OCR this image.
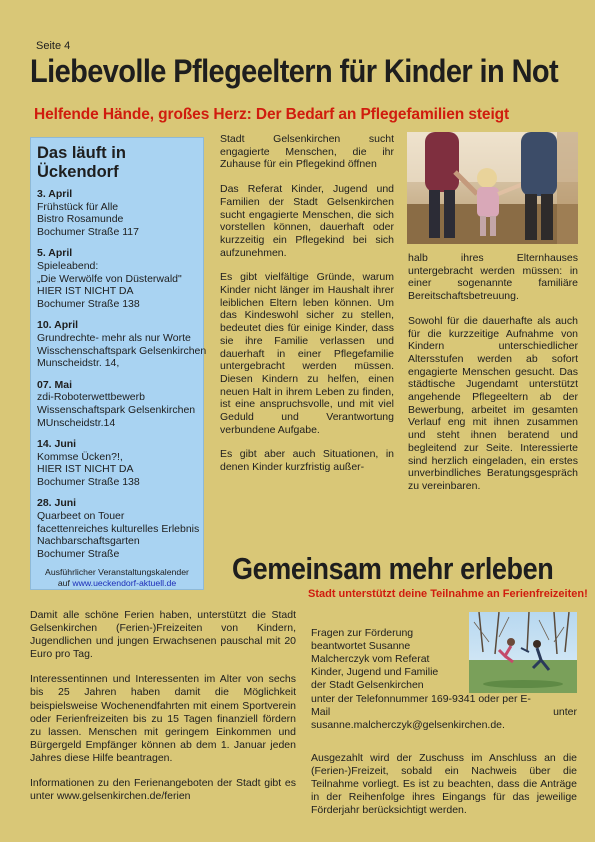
Seite 4
Liebevolle Pflegeeltern für Kinder in Not
Helfende Hände, großes Herz: Der Bedarf an Pflegefamilien steigt
Das läuft in Ückendorf
3. April
Frühstück für Alle
Bistro Rosamunde
Bochumer Straße 117
5. April
Spieleabend:
„Die Werwölfe von Düsterwald"
HIER IST NICHT DA
Bochumer Straße 138
10. April
Grundrechte- mehr als nur Worte
Wisschenschaftspark Gelsenkirchen
Munscheidstr. 14,
07. Mai
zdi-Roboterwettbewerb
Wissenschaftspark Gelsenkirchen
MUnscheidstr.14
14. Juni
Kommse Ücken?!,
HIER IST NICHT DA
Bochumer Straße 138
28. Juni
Quarbeet on Touer
facettenreiches kulturelles Erlebnis
Nachbarschaftsgarten
Bochumer Straße
Ausführlicher Veranstaltungskalender
auf www.ueckendorf-aktuell.de

Stadt Gelsenkirchen sucht engagierte Menschen, die ihr Zuhause für ein Pflegekind öffnen

Das Referat Kinder, Jugend und Familien der Stadt Gelsenkirchen sucht engagierte Menschen, die sich vorstellen können, dauerhaft oder kurzzeitig ein Pflegekind bei sich aufzunehmen.

Es gibt vielfältige Gründe, warum Kinder nicht länger im Haushalt ihrer leiblichen Eltern leben können. Um das Kindeswohl sicher zu stellen, bedeutet dies für einige Kinder, dass sie ihre Familie verlassen und dauerhaft in einer Pflegefamilie untergebracht werden müssen. Diesen Kindern zu helfen, einen neuen Halt in ihrem Leben zu finden, ist eine anspruchsvolle, und mit viel Geduld und Verantwortung verbundene Aufgabe.

Es gibt aber auch Situationen, in denen Kinder kurzfristig außer-

halb ihres Elternhauses untergebracht werden müssen: in einer sogenannte familiäre Bereitschaftsbetreuung.

Sowohl für die dauerhafte als auch für die kurzzeitige Aufnahme von Kindern unterschiedlicher Altersstufen werden ab sofort engagierte Menschen gesucht. Das städtische Jugendamt unterstützt angehende Pflegeeltern ab der Bewerbung, arbeitet im gesamten Verlauf eng mit ihnen zusammen und steht ihnen beratend und begleitend zur Seite. Interessierte sind herzlich eingeladen, ein erstes unverbindliches Beratungsgespräch zu vereinbaren.

Gemeinsam mehr erleben
Stadt unterstützt deine Teilnahme an Ferienfreizeiten!

Damit alle schöne Ferien haben, unterstützt die Stadt Gelsenkirchen (Ferien-)Freizeiten von Kindern, Jugendlichen und jungen Erwachsenen pauschal mit 20 Euro pro Tag.

Interessentinnen und Interessenten im Alter von sechs bis 25 Jahren haben damit die Möglichkeit beispielsweise Wochenendfahrten mit einem Sportverein oder Ferienfreizeiten bis zu 15 Tagen finanziell fördern zu lassen. Menschen mit geringem Einkommen und Bürgergeld Empfänger können ab dem 1. Januar jeden Jahres diese Hilfe beantragen.

Informationen zu den Ferienangeboten der Stadt gibt es unter www.gelsenkirchen.de/ferien

Fragen zur Förderung
beantwortet Susanne
Malcherczyk vom Referat
Kinder, Jugend und Familie
der Stadt Gelsenkirchen
unter der Telefonnummer 169-9341 oder per E-
Mail	unter
susanne.malcherczyk@gelsenkirchen.de.
Ausgezahlt wird der Zuschuss im Anschluss an die (Ferien-)Freizeit, sobald ein Nachweis über die Teilnahme vorliegt. Es ist zu beachten, dass die Anträge in der Reihenfolge ihres Eingangs für das jeweilige Förderjahr berücksichtigt werden.
